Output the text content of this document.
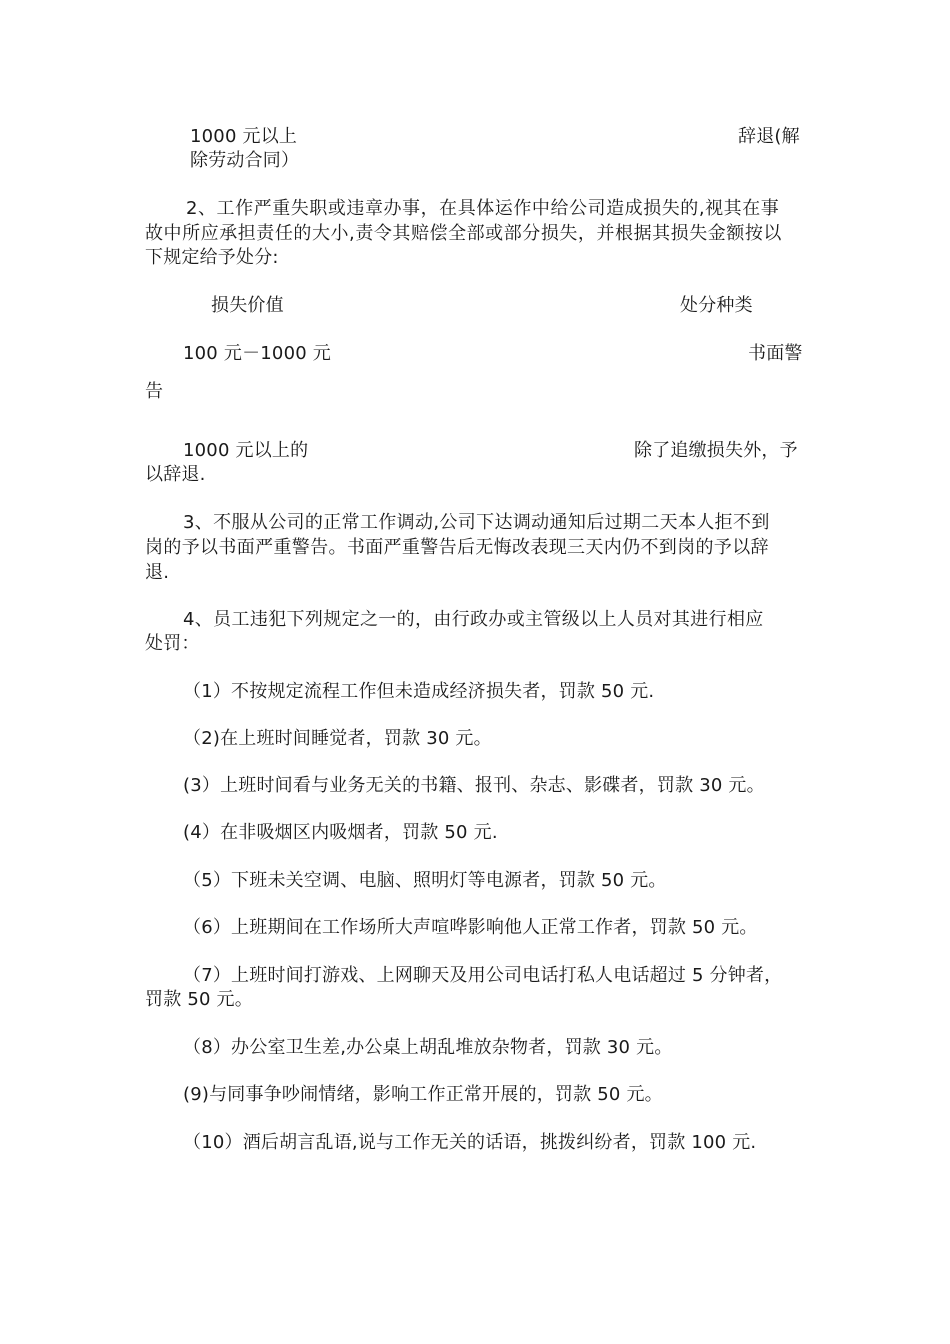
1000 元以上	辞退(解
除劳动合同）
2、工作严重失职或违章办事，在具体运作中给公司造成损失的,视其在事
故中所应承担责任的大小,责令其赔偿全部或部分损失，并根据其损失金额按以
下规定给予处分:
损失价值	处分种类
100 元－1000 元	书面警
告
1000 元以上的	除了追缴损失外，予
以辞退.
3、不服从公司的正常工作调动,公司下达调动通知后过期二天本人拒不到
岗的予以书面严重警告。书面严重警告后无悔改表现三天内仍不到岗的予以辞
退.
4、员工违犯下列规定之一的，由行政办或主管级以上人员对其进行相应
处罚：
（1）不按规定流程工作但未造成经济损失者，罚款 50 元.
（2)在上班时间睡觉者，罚款 30 元。
(3）上班时间看与业务无关的书籍、报刊、杂志、影碟者，罚款 30 元。
(4）在非吸烟区内吸烟者，罚款 50 元.
（5）下班未关空调、电脑、照明灯等电源者，罚款 50 元。
（6）上班期间在工作场所大声喧哗影响他人正常工作者，罚款 50 元。
（7）上班时间打游戏、上网聊天及用公司电话打私人电话超过 5 分钟者，
罚款 50 元。
（8）办公室卫生差,办公桌上胡乱堆放杂物者，罚款 30 元。
(9)与同事争吵闹情绪，影响工作正常开展的，罚款 50 元。
（10）酒后胡言乱语,说与工作无关的话语，挑拨纠纷者，罚款 100 元.
